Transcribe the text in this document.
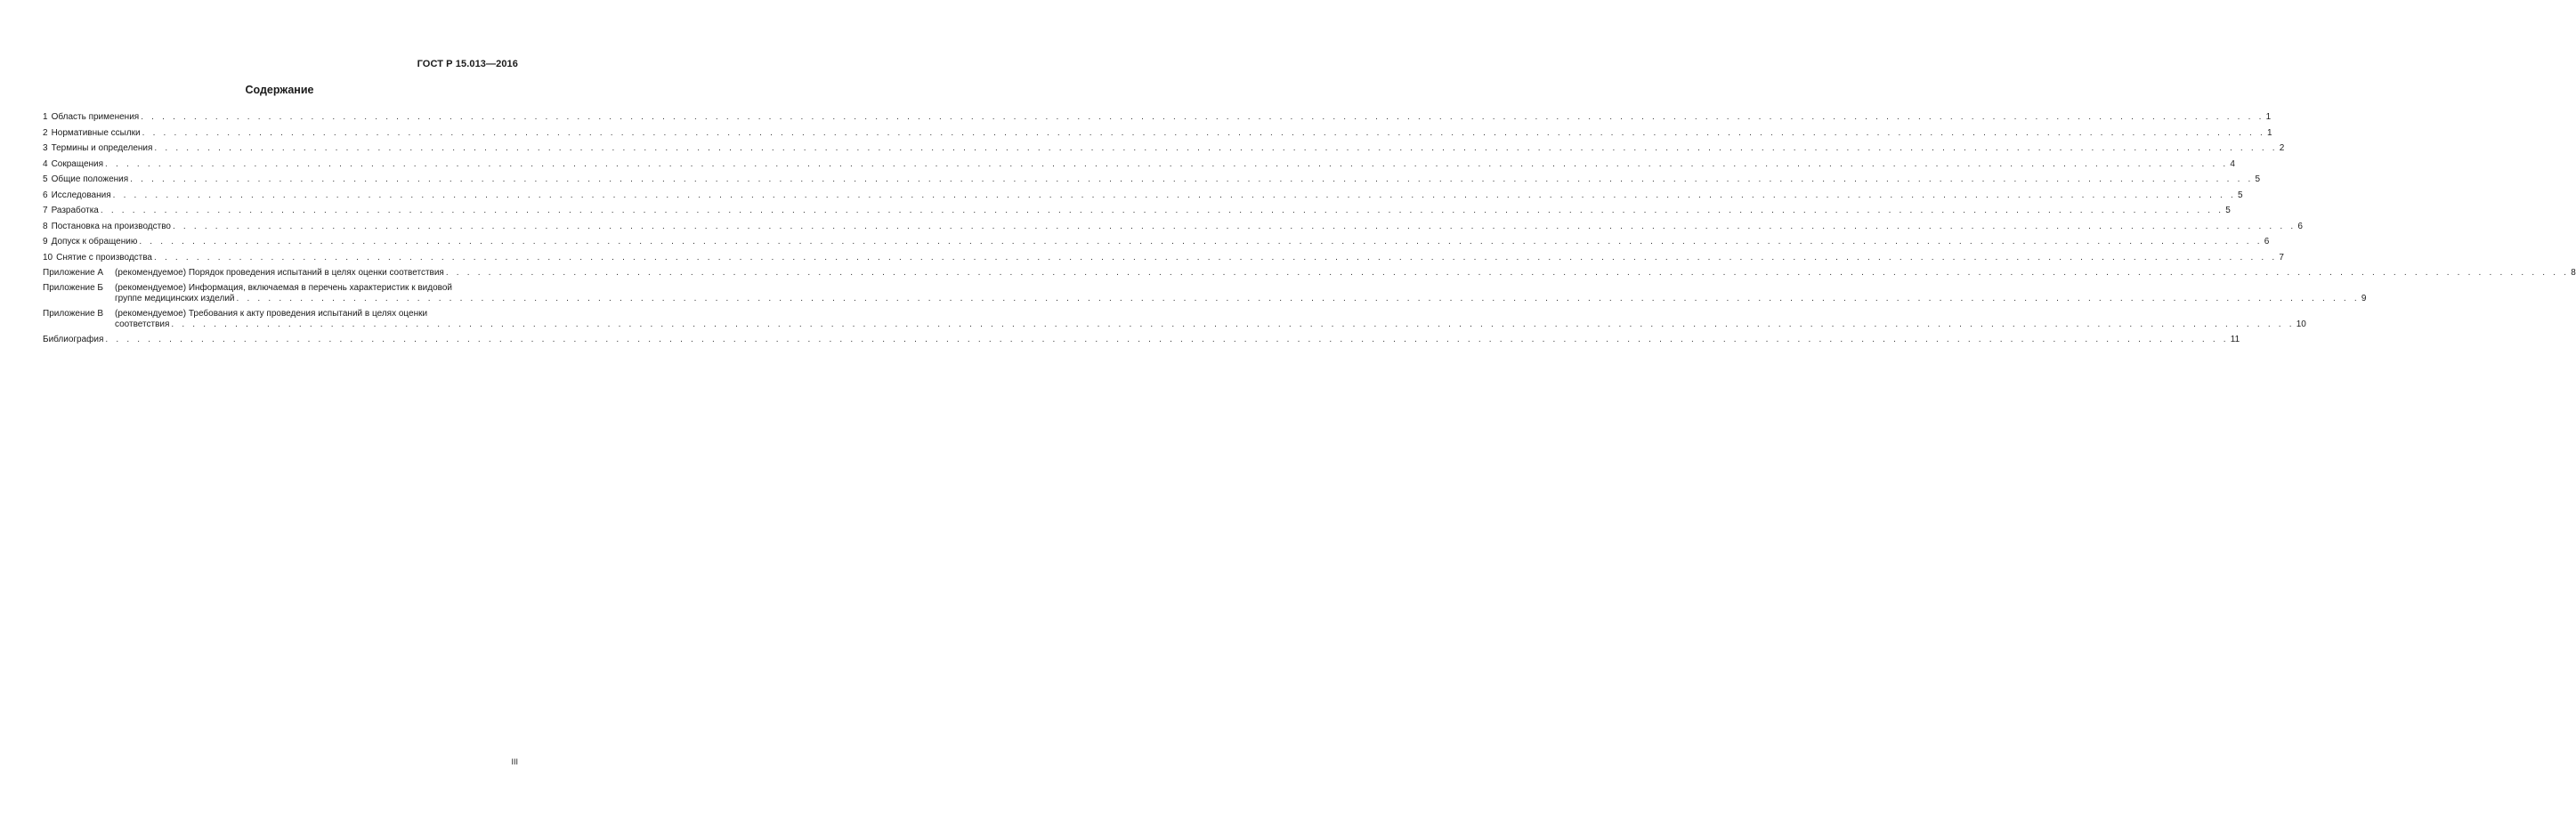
ГОСТ Р 15.013—2016
Содержание
1 Область применения . . . . . . . . . . . . . . . . . . . . . . . . . . . . . . . . . . . . . . . . . . . . . . . . . . . . . . . . . . . . . . . . . . . . . . . . . . . . . . . . . . . . . . . . . . . . . . . . . . . . . . . . . . . . . . . . . . . . . . . . . . . . . . . . . . . . . . . . . . . . . . . . . . . . . . . . . . . . . . . . . . . . . . . . . . . . . . . . . . . . . . . . . . . . . . . . . . . . . . . . 1
2 Нормативные ссылки . . . . . . . . . . . . . . . . . . . . . . . . . . . . . . . . . . . . . . . . . . . . . . . . . . . . . . . . . . . . . . . . . . . . . . . . . . . . . . . . . . . . . . . . . . . . . . . . . . . . . . . . . . . . . . . . . . . . . . . . . . . . . . . . . . . . . . . . . . . . . . . . . . . . . . . . . . . . . . . . . . . . . . . . . . . . . . . . . . . . . . . . . . . . . . . . . . . . . . . . 1
3 Термины и определения . . . . . . . . . . . . . . . . . . . . . . . . . . . . . . . . . . . . . . . . . . . . . . . . . . . . . . . . . . . . . . . . . . . . . . . . . . . . . . . . . . . . . . . . . . . . . . . . . . . . . . . . . . . . . . . . . . . . . . . . . . . . . . . . . . . . . . . . . . . . . . . . . . . . . . . . . . . . . . . . . . . . . . . . . . . . . . . . . . . . . . . . . . . . . . . . . . . . . . . . 2
4 Сокращения . . . . . . . . . . . . . . . . . . . . . . . . . . . . . . . . . . . . . . . . . . . . . . . . . . . . . . . . . . . . . . . . . . . . . . . . . . . . . . . . . . . . . . . . . . . . . . . . . . . . . . . . . . . . . . . . . . . . . . . . . . . . . . . . . . . . . . . . . . . . . . . . . . . . . . . . . . . . . . . . . . . . . . . . . . . . . . . . . . . . . . . . . . . . . . . . . . . . . . . . 4
5 Общие положения . . . . . . . . . . . . . . . . . . . . . . . . . . . . . . . . . . . . . . . . . . . . . . . . . . . . . . . . . . . . . . . . . . . . . . . . . . . . . . . . . . . . . . . . . . . . . . . . . . . . . . . . . . . . . . . . . . . . . . . . . . . . . . . . . . . . . . . . . . . . . . . . . . . . . . . . . . . . . . . . . . . . . . . . . . . . . . . . . . . . . . . . . . . . . . . . . . . . . . . . 5
6 Исследования . . . . . . . . . . . . . . . . . . . . . . . . . . . . . . . . . . . . . . . . . . . . . . . . . . . . . . . . . . . . . . . . . . . . . . . . . . . . . . . . . . . . . . . . . . . . . . . . . . . . . . . . . . . . . . . . . . . . . . . . . . . . . . . . . . . . . . . . . . . . . . . . . . . . . . . . . . . . . . . . . . . . . . . . . . . . . . . . . . . . . . . . . . . . . . . . . . . . . . . . 5
7 Разработка . . . . . . . . . . . . . . . . . . . . . . . . . . . . . . . . . . . . . . . . . . . . . . . . . . . . . . . . . . . . . . . . . . . . . . . . . . . . . . . . . . . . . . . . . . . . . . . . . . . . . . . . . . . . . . . . . . . . . . . . . . . . . . . . . . . . . . . . . . . . . . . . . . . . . . . . . . . . . . . . . . . . . . . . . . . . . . . . . . . . . . . . . . . . . . . . . . . . . . . . 5
8 Постановка на производство . . . . . . . . . . . . . . . . . . . . . . . . . . . . . . . . . . . . . . . . . . . . . . . . . . . . . . . . . . . . . . . . . . . . . . . . . . . . . . . . . . . . . . . . . . . . . . . . . . . . . . . . . . . . . . . . . . . . . . . . . . . . . . . . . . . . . . . . . . . . . . . . . . . . . . . . . . . . . . . . . . . . . . . . . . . . . . . . . . . . . . . . . . . . . . . . . . . . . . . . 6
9 Допуск к обращению . . . . . . . . . . . . . . . . . . . . . . . . . . . . . . . . . . . . . . . . . . . . . . . . . . . . . . . . . . . . . . . . . . . . . . . . . . . . . . . . . . . . . . . . . . . . . . . . . . . . . . . . . . . . . . . . . . . . . . . . . . . . . . . . . . . . . . . . . . . . . . . . . . . . . . . . . . . . . . . . . . . . . . . . . . . . . . . . . . . . . . . . . . . . . . . . . . . . . . . . 6
10 Снятие с производства . . . . . . . . . . . . . . . . . . . . . . . . . . . . . . . . . . . . . . . . . . . . . . . . . . . . . . . . . . . . . . . . . . . . . . . . . . . . . . . . . . . . . . . . . . . . . . . . . . . . . . . . . . . . . . . . . . . . . . . . . . . . . . . . . . . . . . . . . . . . . . . . . . . . . . . . . . . . . . . . . . . . . . . . . . . . . . . . . . . . . . . . . . . . . . . . . . . . . . . . 7
Приложение А	(рекомендуемое) Порядок проведения испытаний в целях оценки соответствия . . . . . . . . . . . . . . . . . . . . . . . . . . . . . . . . . . . . . . . . . . . . . . . . . . . . . . . . . . . . . . . . . . . . . . . . . . . . . . . . . . . . . . . . . . . . . . . . . . . . . . . . . . . . . . . . . . . . . . . . . . . . . . . . . . . . . . . . . . . . . . . . . . . . . . . . . . . . . . . . . . . . . . . . . . . . . . . . . . . . . . . . . . . . . . . . . . . . . . . . 8
Приложение Б	(рекомендуемое) Информация, включаемая в перечень характеристик к видовой
группе медицинских изделий . . . . . . . . . . . . . . . . . . . . . . . . . . . . . . . . . . . . . . . . . . . . . . . . . . . . . . . . . . . . . . . . . . . . . . . . . . . . . . . . . . . . . . . . . . . . . . . . . . . . . . . . . . . . . . . . . . . . . . . . . . . . . . . . . . . . . . . . . . . . . . . . . . . . . . . . . . . . . . . . . . . . . . . . . . . . . . . . . . . . . . . . . . . . . . . . . . . . . . . . 9
Приложение В	(рекомендуемое) Требования к акту проведения испытаний в целях оценки
соответствия . . . . . . . . . . . . . . . . . . . . . . . . . . . . . . . . . . . . . . . . . . . . . . . . . . . . . . . . . . . . . . . . . . . . . . . . . . . . . . . . . . . . . . . . . . . . . . . . . . . . . . . . . . . . . . . . . . . . . . . . . . . . . . . . . . . . . . . . . . . . . . . . . . . . . . . . . . . . . . . . . . . . . . . . . . . . . . . . . . . . . . . . . . . . . . . . . . . . . . . . 10
Библиография . . . . . . . . . . . . . . . . . . . . . . . . . . . . . . . . . . . . . . . . . . . . . . . . . . . . . . . . . . . . . . . . . . . . . . . . . . . . . . . . . . . . . . . . . . . . . . . . . . . . . . . . . . . . . . . . . . . . . . . . . . . . . . . . . . . . . . . . . . . . . . . . . . . . . . . . . . . . . . . . . . . . . . . . . . . . . . . . . . . . . . . . . . . . . . . . . . . . . . . . 11
III
